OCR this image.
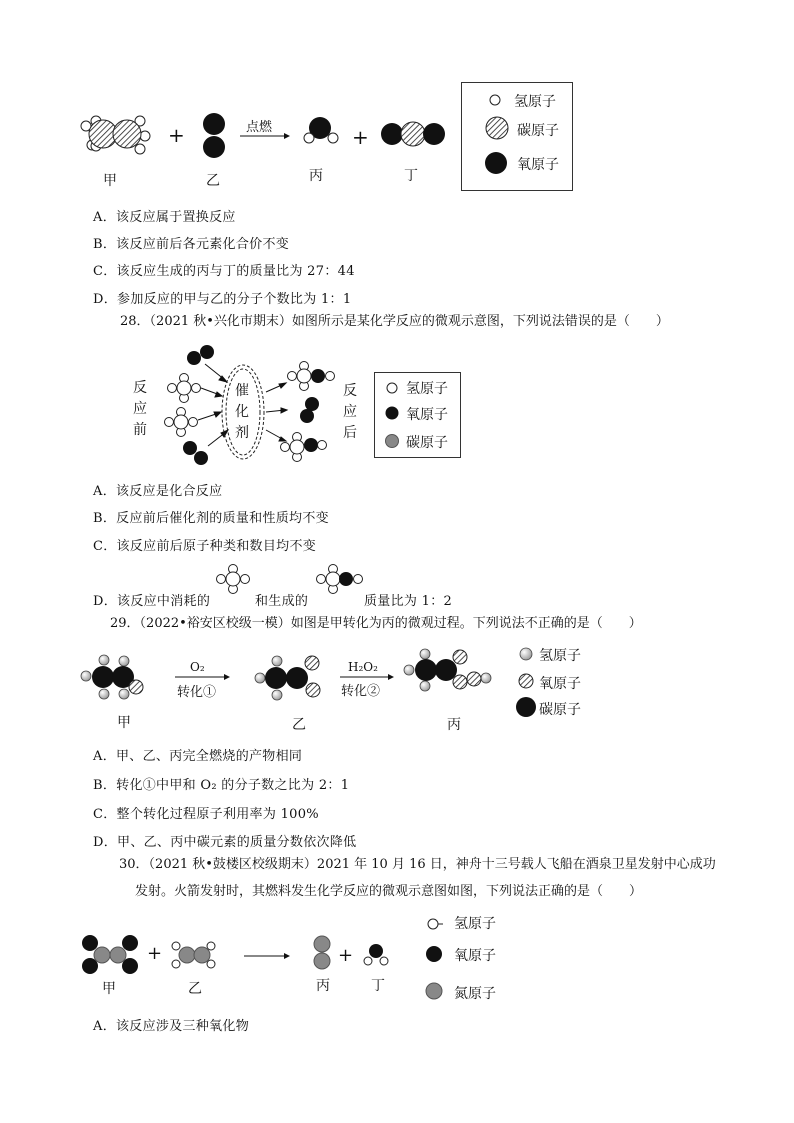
+	+
点燃
甲	乙	丙	丁
氢原子
碳原子
氧原子
A．该反应属于置换反应
B．该反应前后各元素化合价不变
C．该反应生成的丙与丁的质量比为 27：44
D．参加反应的甲与乙的分子个数比为 1：1
28．（2021 秋•兴化市期末）如图所示是某化学反应的微观示意图，下列说法错误的是（　　）
反
应
前
催
化
剂
反
应
后
氢原子
氧原子
碳原子
A．该反应是化合反应
B．反应前后催化剂的质量和性质均不变
C．该反应前后原子种类和数目均不变
D．该反应中消耗的	和生成的	质量比为 1：2
29．（2022•裕安区校级一模）如图是甲转化为丙的微观过程。下列说法不正确的是（　　）
O₂
转化①
H₂O₂
转化②
甲	乙	丙
氢原子
氧原子
碳原子
A．甲、乙、丙完全燃烧的产物相同
B．转化①中甲和 O₂ 的分子数之比为 2：1
C．整个转化过程原子利用率为 100%
D．甲、乙、丙中碳元素的质量分数依次降低
30．（2021 秋•鼓楼区校级期末）2021 年 10 月 16 日，神舟十三号载人飞船在酒泉卫星发射中心成功
发射。火箭发射时，其燃料发生化学反应的微观示意图如图，下列说法正确的是（　　）
+	+
甲	乙	丙	丁
氢原子
氧原子
氮原子
A．该反应涉及三种氧化物
